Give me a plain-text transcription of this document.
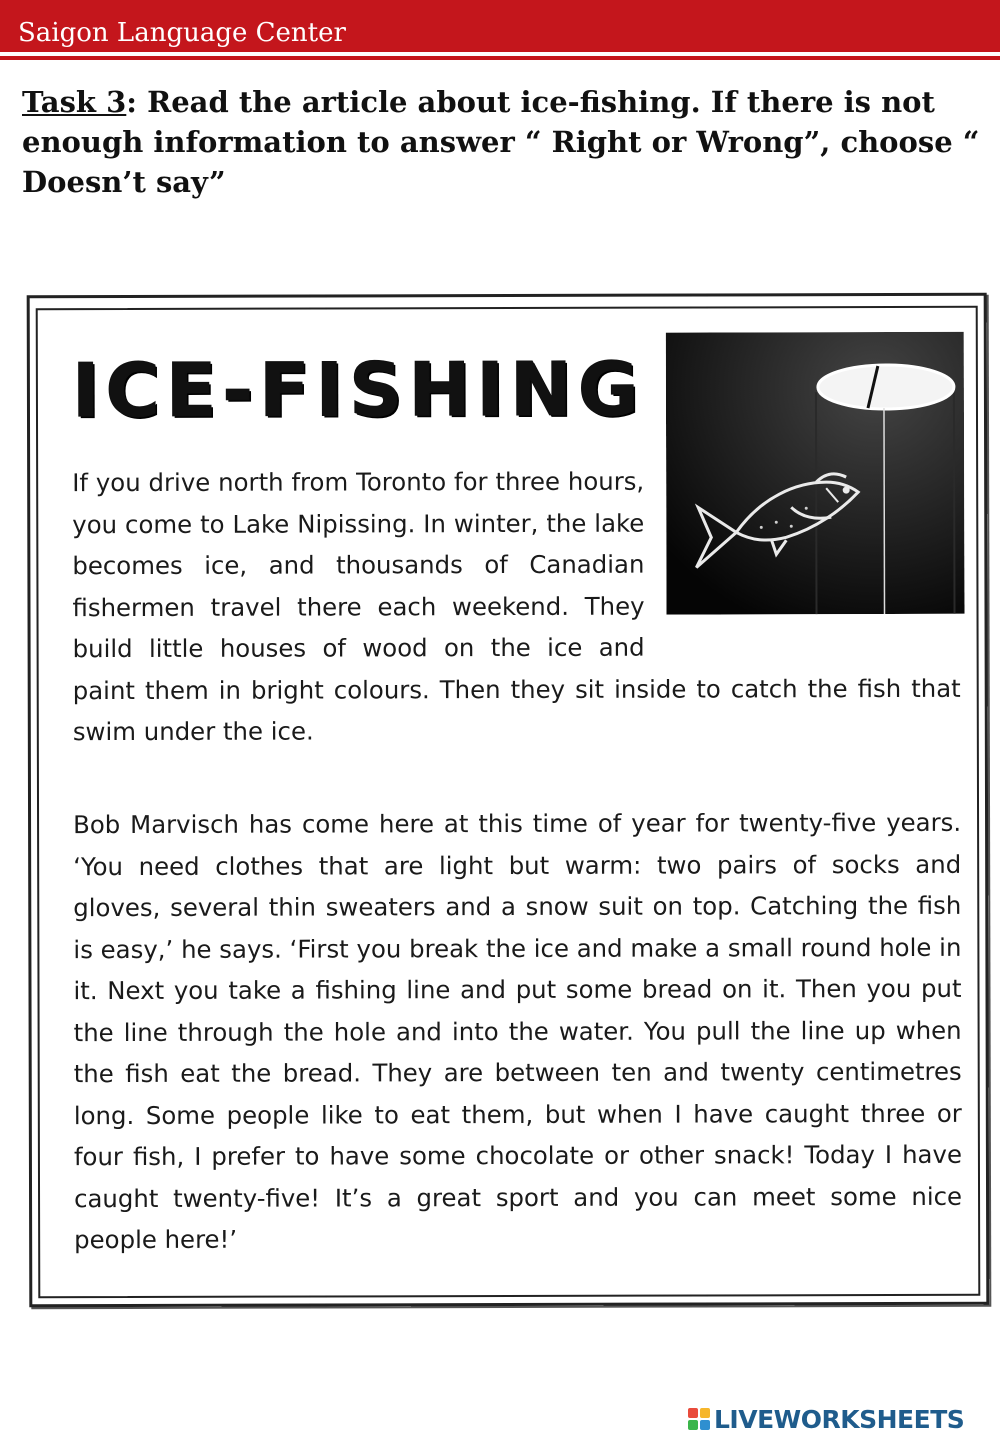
Saigon Language Center

Task 3: Read the article about ice-fishing. If there is not enough information to answer “ Right or Wrong”, choose “ Doesn’t say”

ICE-FISHING

If you drive north from Toronto for three hours, you come to Lake Nipissing. In winter, the lake becomes ice, and thousands of Canadian fishermen travel there each weekend. They build little houses of wood on the ice and paint them in bright colours. Then they sit inside to catch the fish that swim under the ice.

Bob Marvisch has come here at this time of year for twenty-five years. ‘You need clothes that are light but warm: two pairs of socks and gloves, several thin sweaters and a snow suit on top. Catching the fish is easy,’ he says. ‘First you break the ice and make a small round hole in it. Next you take a fishing line and put some bread on it. Then you put the line through the hole and into the water. You pull the line up when the fish eat the bread. They are between ten and twenty centimetres long. Some people like to eat them, but when I have caught three or four fish, I prefer to have some chocolate or other snack! Today I have caught twenty-five! It’s a great sport and you can meet some nice people here!’

LIVEWORKSHEETS
